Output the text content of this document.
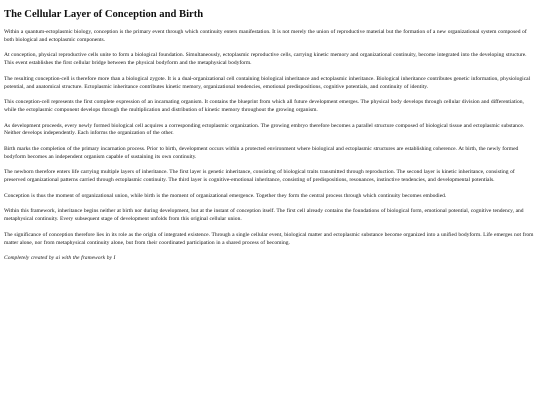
The Cellular Layer of Conception and Birth

Within a quantum-ectoplasmic biology, conception is the primary event through which continuity enters manifestation. It is not merely the union of reproductive material but the formation of a new organizational system composed of both biological and ectoplasmic components.

At conception, physical reproductive cells unite to form a biological foundation. Simultaneously, ectoplasmic reproductive cells, carrying kinetic memory and organizational continuity, become integrated into the developing structure. This event establishes the first cellular bridge between the physical bodyform and the metaphysical bodyform.

The resulting conception-cell is therefore more than a biological zygote. It is a dual-organizational cell containing biological inheritance and ectoplasmic inheritance. Biological inheritance contributes genetic information, physiological potential, and anatomical structure. Ectoplasmic inheritance contributes kinetic memory, organizational tendencies, emotional predispositions, cognitive potentials, and continuity of identity.

This conception-cell represents the first complete expression of an incarnating organism. It contains the blueprint from which all future development emerges. The physical body develops through cellular division and differentiation, while the ectoplasmic component develops through the multiplication and distribution of kinetic memory throughout the growing organism.

As development proceeds, every newly formed biological cell acquires a corresponding ectoplasmic organization. The growing embryo therefore becomes a parallel structure composed of biological tissue and ectoplasmic substance. Neither develops independently. Each informs the organization of the other.

Birth marks the completion of the primary incarnation process. Prior to birth, development occurs within a protected environment where biological and ectoplasmic structures are establishing coherence. At birth, the newly formed bodyform becomes an independent organism capable of sustaining its own continuity.

The newborn therefore enters life carrying multiple layers of inheritance. The first layer is genetic inheritance, consisting of biological traits transmitted through reproduction. The second layer is kinetic inheritance, consisting of preserved organizational patterns carried through ectoplasmic continuity. The third layer is cognitive-emotional inheritance, consisting of predispositions, resonances, instinctive tendencies, and developmental potentials.

Conception is thus the moment of organizational union, while birth is the moment of organizational emergence. Together they form the central process through which continuity becomes embodied.

Within this framework, inheritance begins neither at birth nor during development, but at the instant of conception itself. The first cell already contains the foundations of biological form, emotional potential, cognitive tendency, and metaphysical continuity. Every subsequent stage of development unfolds from this original cellular union.

The significance of conception therefore lies in its role as the origin of integrated existence. Through a single cellular event, biological matter and ectoplasmic substance become organized into a unified bodyform. Life emerges not from matter alone, nor from metaphysical continuity alone, but from their coordinated participation in a shared process of becoming.

Completely created by ai with the framework by I
